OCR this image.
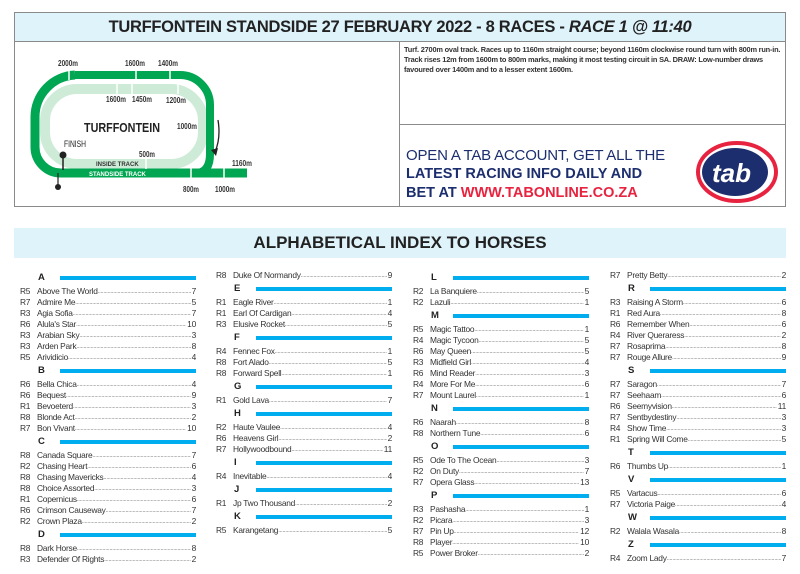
TURFFONTEIN STANDSIDE 27 FEBRUARY 2022 - 8 RACES - RACE 1 @ 11:40
2000m	1600m 1400m
1600m 1450m 1200m
1000m
500m
1160m
800m 1000m
TURFFONTEIN
FINISH
INSIDE TRACK
STANDSIDE TRACK
Turf. 2700m oval track. Races up to 1160m straight course; beyond 1160m clockwise round turn with 800m run-in. Track rises 12m from 1600m to 800m marks, making it most testing circuit in SA. DRAW: Low-number draws favoured over 1400m and to a lesser extent 1600m.
OPEN A TAB ACCOUNT, GET ALL THE
LATEST RACING INFO DAILY AND
BET AT WWW.TABONLINE.CO.ZA
tab
ALPHABETICAL INDEX TO HORSES
A
R5 Above The World .....	7
R7 Admire Me .....	5
R3 Agia Sofia .....	7
R6 Alula's Star .....	10
R3 Arabian Sky .....	3
R3 Arden Park .....	8
R5 Arividicio .....	4
B
R6 Bella Chica .....	4
R6 Bequest .....	9
R1 Bevoeterd .....	3
R8 Blonde Act .....	2
R7 Bon Vivant .....	10
C
R8 Canada Square .....	7
R2 Chasing Heart .....	6
R8 Chasing Mavericks .....	4
R8 Choice Assorted .....	3
R1 Copernicus .....	6
R6 Crimson Causeway .....	7
R2 Crown Plaza .....	2
D
R8 Dark Horse .....	8
R3 Defender Of Rights .....	2
R8 Duke Of Normandy .....	9
E
R1 Eagle River .....	1
R1 Earl Of Cardigan .....	4
R3 Elusive Rocket .....	5
F
R4 Fennec Fox .....	1
R8 Fort Alado .....	5
R8 Forward Spell .....	1
G
R1 Gold Lava .....	7
H
R2 Haute Vaulee .....	4
R6 Heavens Girl .....	2
R7 Hollywoodbound .....	11
I
R4 Inevitable .....	4
J
R1 Jp Two Thousand .....	2
K
R5 Karangetang .....	5
L
R2 La Banquiere .....	5
R2 Lazuli .....	1
M
R5 Magic Tattoo .....	1
R4 Magic Tycoon .....	5
R6 May Queen .....	5
R3 Midfield Girl .....	4
R6 Mind Reader .....	3
R4 More For Me .....	6
R7 Mount Laurel .....	1
N
R6 Naarah .....	8
R8 Northern Tune .....	6
O
R5 Ode To The Ocean .....	3
R2 On Duty .....	7
R7 Opera Glass .....	13
P
R3 Pashasha .....	1
R2 Picara .....	3
R7 Pin Up .....	12
R8 Player .....	10
R5 Power Broker .....	2
R7 Pretty Betty .....	2
R
R3 Raising A Storm .....	6
R1 Red Aura .....	8
R6 Remember When .....	6
R4 River Queraress .....	2
R7 Rosaprima .....	8
R7 Rouge Allure .....	9
S
R7 Saragon .....	7
R7 Seehaam .....	6
R6 Seemyvision .....	11
R7 Sentbydestiny .....	3
R4 Show Time .....	3
R1 Spring Will Come .....	5
T
R6 Thumbs Up .....	1
V
R5 Vartacus .....	6
R7 Victoria Paige .....	4
W
R2 Walala Wasala .....	8
Z
R4 Zoom Lady .....	7
